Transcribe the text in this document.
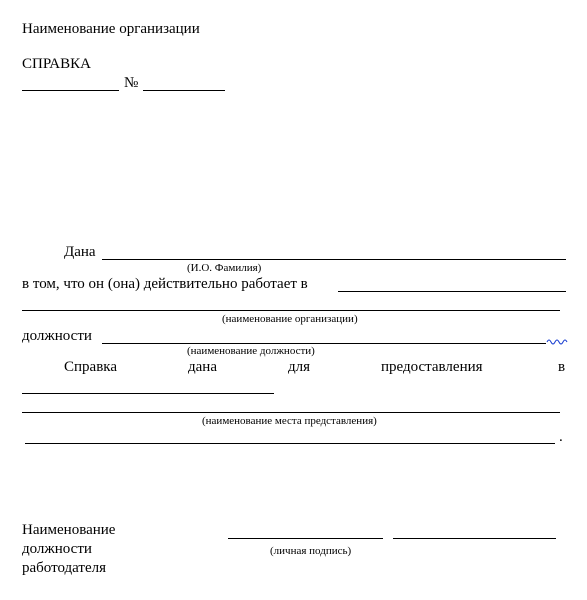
Наименование организации
СПРАВКА
№
Дана
(И.О. Фамилия)
в том, что он (она) действительно работает в
(наименование организации)
должности
(наименование должности)
Справка	дана	для	предоставления	в
(наименование места представления)
.
Наименование
должности
работодателя
(личная подпись)
